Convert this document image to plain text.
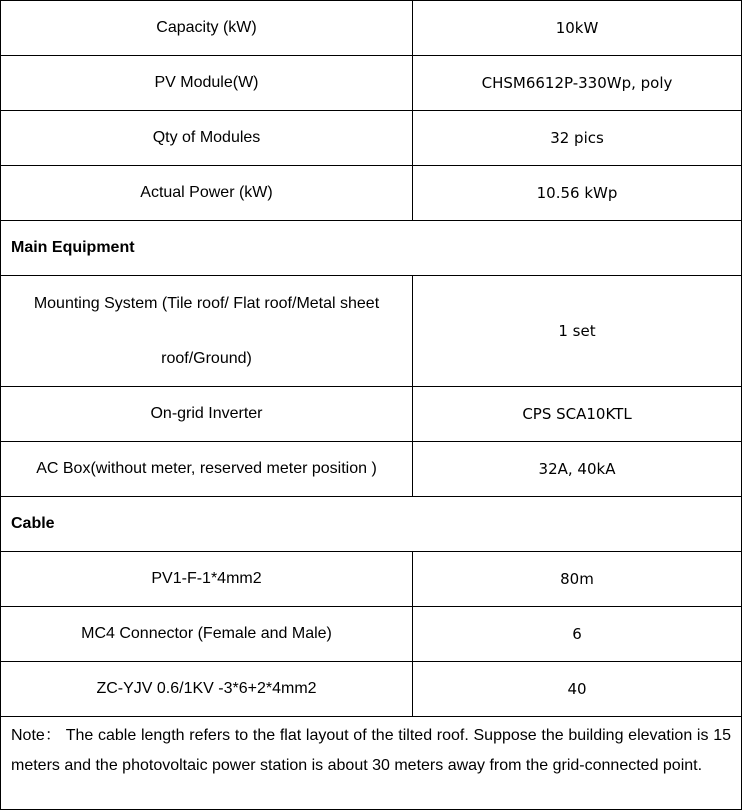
Capacity (kW)	10kW
PV Module(W)	CHSM6612P-330Wp, poly
Qty of Modules	32 pics
Actual Power (kW)	10.56 kWp
Main Equipment	
Mounting System (Tile roof/ Flat roof/Metal sheet roof/Ground)	1 set
On-grid Inverter	CPS SCA10KTL
AC Box(without meter, reserved meter position )	32A, 40kA
Cable	
PV1-F-1*4mm2	80m
MC4 Connector (Female and Male)	6
ZC-YJV 0.6/1KV -3*6+2*4mm2	40
Note： The cable length refers to the flat layout of the tilted roof. Suppose the building elevation is 15 meters and the photovoltaic power station is about 30 meters away from the grid-connected point.	
